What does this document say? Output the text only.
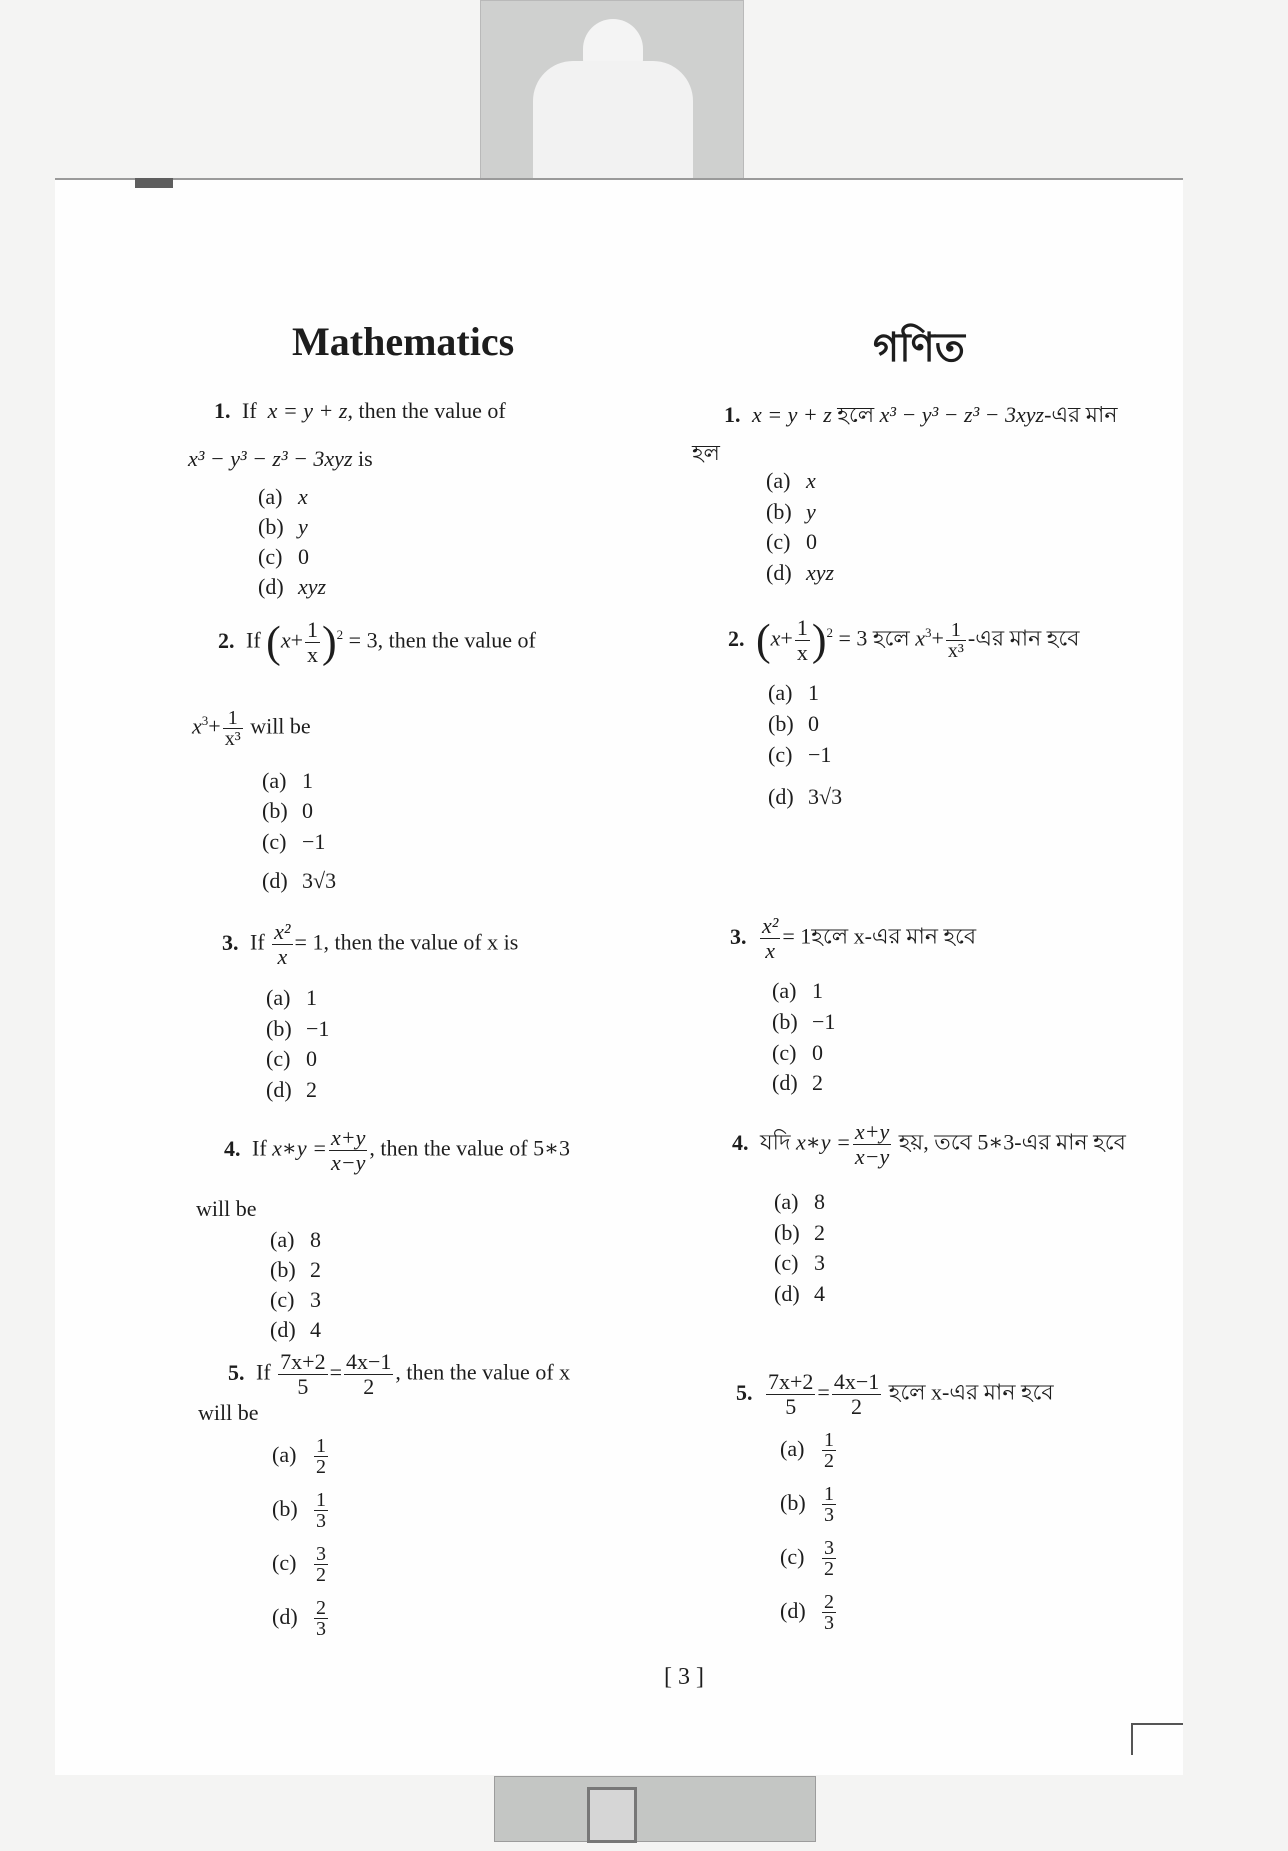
Mathematics	গণিত
1. If x = y + z, then the value of
x³ − y³ − z³ − 3xyz is
(a) x
(b) y
(c) 0
(d) xyz
2. If $(x+ \frac{1}{x} )^2 = 3$, then the value of
$x^3+ \frac{1}{\text{x³}}$ will be
(a) 1
(b) 0
(c) −1
(d) 3√3
3. If $\frac{\text{x²}}{x} = 1$, then the value of x is
(a) 1
(b) −1
(c) 0
(d) 2
4. If x∗y = $\frac{x+y}{x-y}$ , then the value of 5∗3
will be
(a) 8
(b) 2
(c) 3
(d) 4
5. If $\frac{7x+2}{5} = \frac{4x-1}{2}$ , then the value of x
will be
$(a) \frac{1}{2}$
$(b) \frac{1}{3}$
$(c) \frac{3}{2}$
$(d) \frac{2}{3}$
1. x = y + z হলে x³ − y³ − z³ − 3xyz-এর মান
হল
(a) x
(b) y
(c) 0
(d) xyz
2. $(x+ \frac{1}{x} )^2 = 3$ হলে $x^3+ \frac{1}{\text{x³}}$ -এর মান হবে
(a) 1
(b) 0
(c) −1
(d) 3√3
3. $\frac{\text{x²}}{x}$ = 1হলে x-এর মান হবে
(a) 1
(b) −1
(c) 0
(d) 2
4. যদি x∗y = $\frac{x+y}{x-y}$ হয়, তবে 5∗3-এর মান হবে
(a) 8
(b) 2
(c) 3
(d) 4
5. $\frac{7x+2}{5} = \frac{4x-1}{2}$ হলে x-এর মান হবে
$(a) \frac{1}{2}$
$(b) \frac{1}{3}$
$(c) \frac{3}{2}$
$(d) \frac{2}{3}$
[ 3 ]
